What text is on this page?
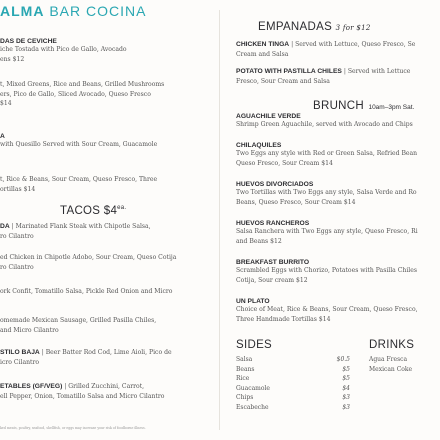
ALMA BAR COCINA
DAS DE CEVICHE
iche Tostada with Pico de Gallo, Avocado
ens $12
t, Mixed Greens, Rice and Beans, Grilled Mushrooms
ers, Pico de Gallo, Sliced Avocado, Queso Fresco
$14
A
with Quesillo Served with Sour Cream, Guacamole
t, Rice & Beans, Sour Cream, Queso Fresco, Three
ortillas $14
TACOS $\$4^{ea.}$
DA | Marinated Flank Steak with Chipotle Salsa,
ro Cilantro
ed Chicken in Chipotle Adobo, Sour Cream, Queso Cotija
ro Cilantro
ork Confit, Tomatillo Salsa, Pickle Red Onion and Micro
omemade Mexican Sausage, Grilled Pasilla Chiles,
and Micro Cilantro
STILO BAJA | Beer Batter Rod Cod, Lime Aioli, Pico de
icro Cilantro
ETABLES (GF/VEG) | Grilled Zucchini, Carrot,
ell Pepper, Onion, Tomatillo Salsa and Micro Cilantro
ked meats, poultry, seafood, shellfish, or eggs may increase your risk of foodborne illness.
EMPANADAS 3 for $12
CHICKEN TINGA | Served with Lettuce, Queso Fresco, Se
Cream and Salsa
POTATO WITH PASTILLA CHILES | Served with Lettuce
Fresco, Sour Cream and Salsa
BRUNCH 10am–3pm Sat.
AGUACHILE VERDE
Shrimp Green Aguachile, served with Avocado and Chips
CHILAQUILES
Two Eggs any style with Red or Green Salsa, Refried Bean
Queso Fresco, Sour Cream $14
HUEVOS DIVORCIADOS
Two Tortillas with Two Eggs any style, Salsa Verde and Ro
Beans, Queso Fresco, Sour Cream $14
HUEVOS RANCHEROS
Salsa Ranchera with Two Eggs any style, Queso Fresco, Ri
and Beans $12
BREAKFAST BURRITO
Scrambled Eggs with Chorizo, Potatoes with Pasilla Chiles
Cotija, Sour cream $12
UN PLATO
Choice of Meat, Rice & Beans, Sour Cream, Queso Fresco,
Three Handmade Tortillas $14
SIDES
Salsa	$0.5
Beans	$5
Rice	$5
Guacamole	$4
Chips	$3
Escabeche	$3
DRINKS
Agua Fresca
Mexican Coke
